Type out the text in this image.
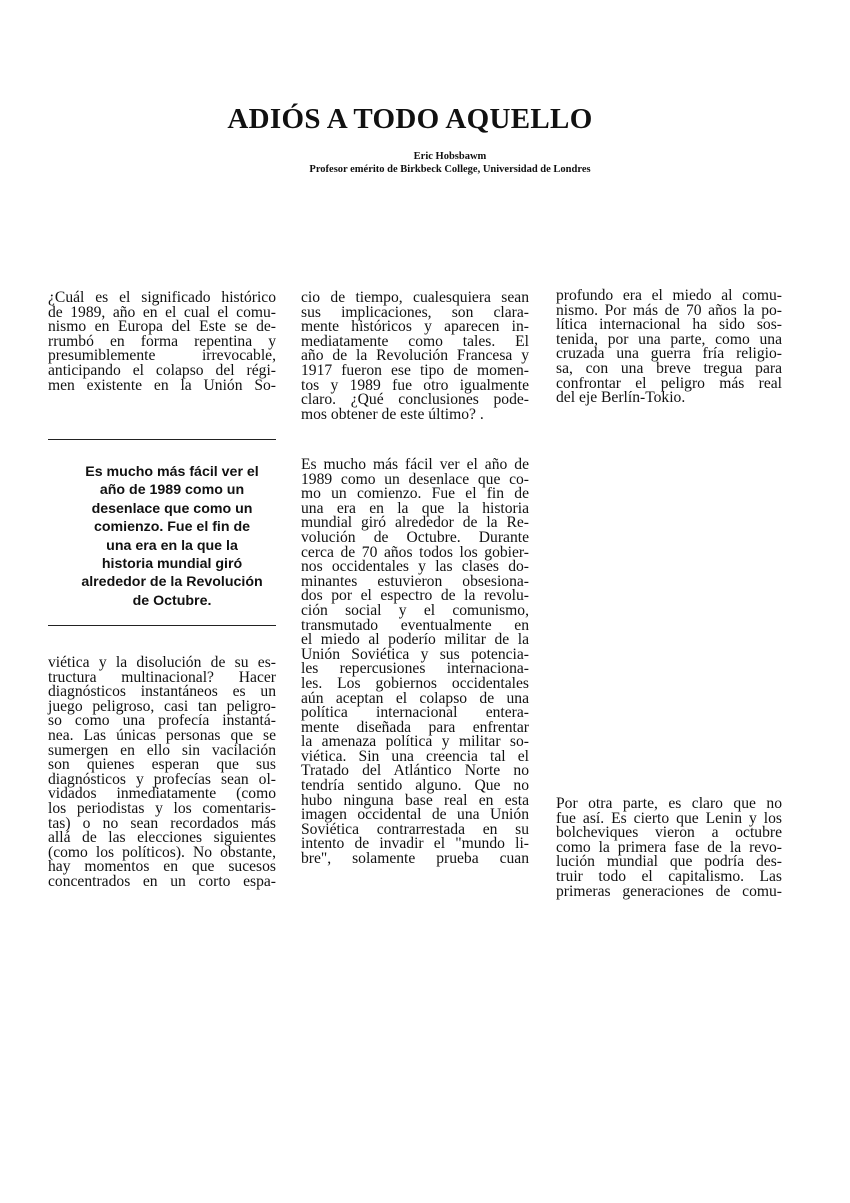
ADIÓS A TODO AQUELLO
Eric Hobsbawm
Profesor emérito de Birkbeck College, Universidad de Londres
¿Cuál es el significado histórico
de 1989, año en el cual el comu-
nismo en Europa del Este se de-
rrumbó en forma repentina y
presumiblemente irrevocable,
anticipando el colapso del régi-
men existente en la Unión So-
Es mucho más fácil ver el
año de 1989 como un
desenlace que como un
comienzo. Fue el fin de
una era en la que la
historia mundial giró
alrededor de la Revolución
de Octubre.
viética y la disolución de su es-
tructura multinacional? Hacer
diagnósticos instantáneos es un
juego peligroso, casi tan peligro-
so como una profecía instantá-
nea. Las únicas personas que se
sumergen en ello sin vacilación
son quienes esperan que sus
diagnósticos y profecías sean ol-
vidados inmediatamente (como
los periodistas y los comentaris-
tas) o no sean recordados más
allá de las elecciones siguientes
(como los políticos). No obstante,
hay momentos en que sucesos
concentrados en un corto espa-
cio de tiempo, cualesquiera sean
sus implicaciones, son clara-
mente históricos y aparecen in-
mediatamente como tales. El
año de la Revolución Francesa y
1917 fueron ese tipo de momen-
tos y 1989 fue otro igualmente
claro. ¿Qué conclusiones pode-
mos obtener de este último? .
Es mucho más fácil ver el año de
1989 como un desenlace que co-
mo un comienzo. Fue el fin de
una era en la que la historia
mundial giró alrededor de la Re-
volución de Octubre. Durante
cerca de 70 años todos los gobier-
nos occidentales y las clases do-
minantes estuvieron obsesiona-
dos por el espectro de la revolu-
ción social y el comunismo,
transmutado eventualmente en
el miedo al poderío militar de la
Unión Soviética y sus potencia-
les repercusiones internaciona-
les. Los gobiernos occidentales
aún aceptan el colapso de una
política internacional entera-
mente diseñada para enfrentar
la amenaza política y militar so-
viética. Sin una creencia tal el
Tratado del Atlántico Norte no
tendría sentido alguno. Que no
hubo ninguna base real en esta
imagen occidental de una Unión
Soviética contrarrestada en su
intento de invadir el "mundo li-
bre", solamente prueba cuan
profundo era el miedo al comu-
nismo. Por más de 70 años la po-
lítica internacional ha sido sos-
tenida, por una parte, como una
cruzada una guerra fría religio-
sa, con una breve tregua para
confrontar el peligro más real
del eje Berlín-Tokio.
Por otra parte, es claro que no
fue así. Es cierto que Lenin y los
bolcheviques vieron a octubre
como la primera fase de la revo-
lución mundial que podría des-
truir todo el capitalismo. Las
primeras generaciones de comu-
